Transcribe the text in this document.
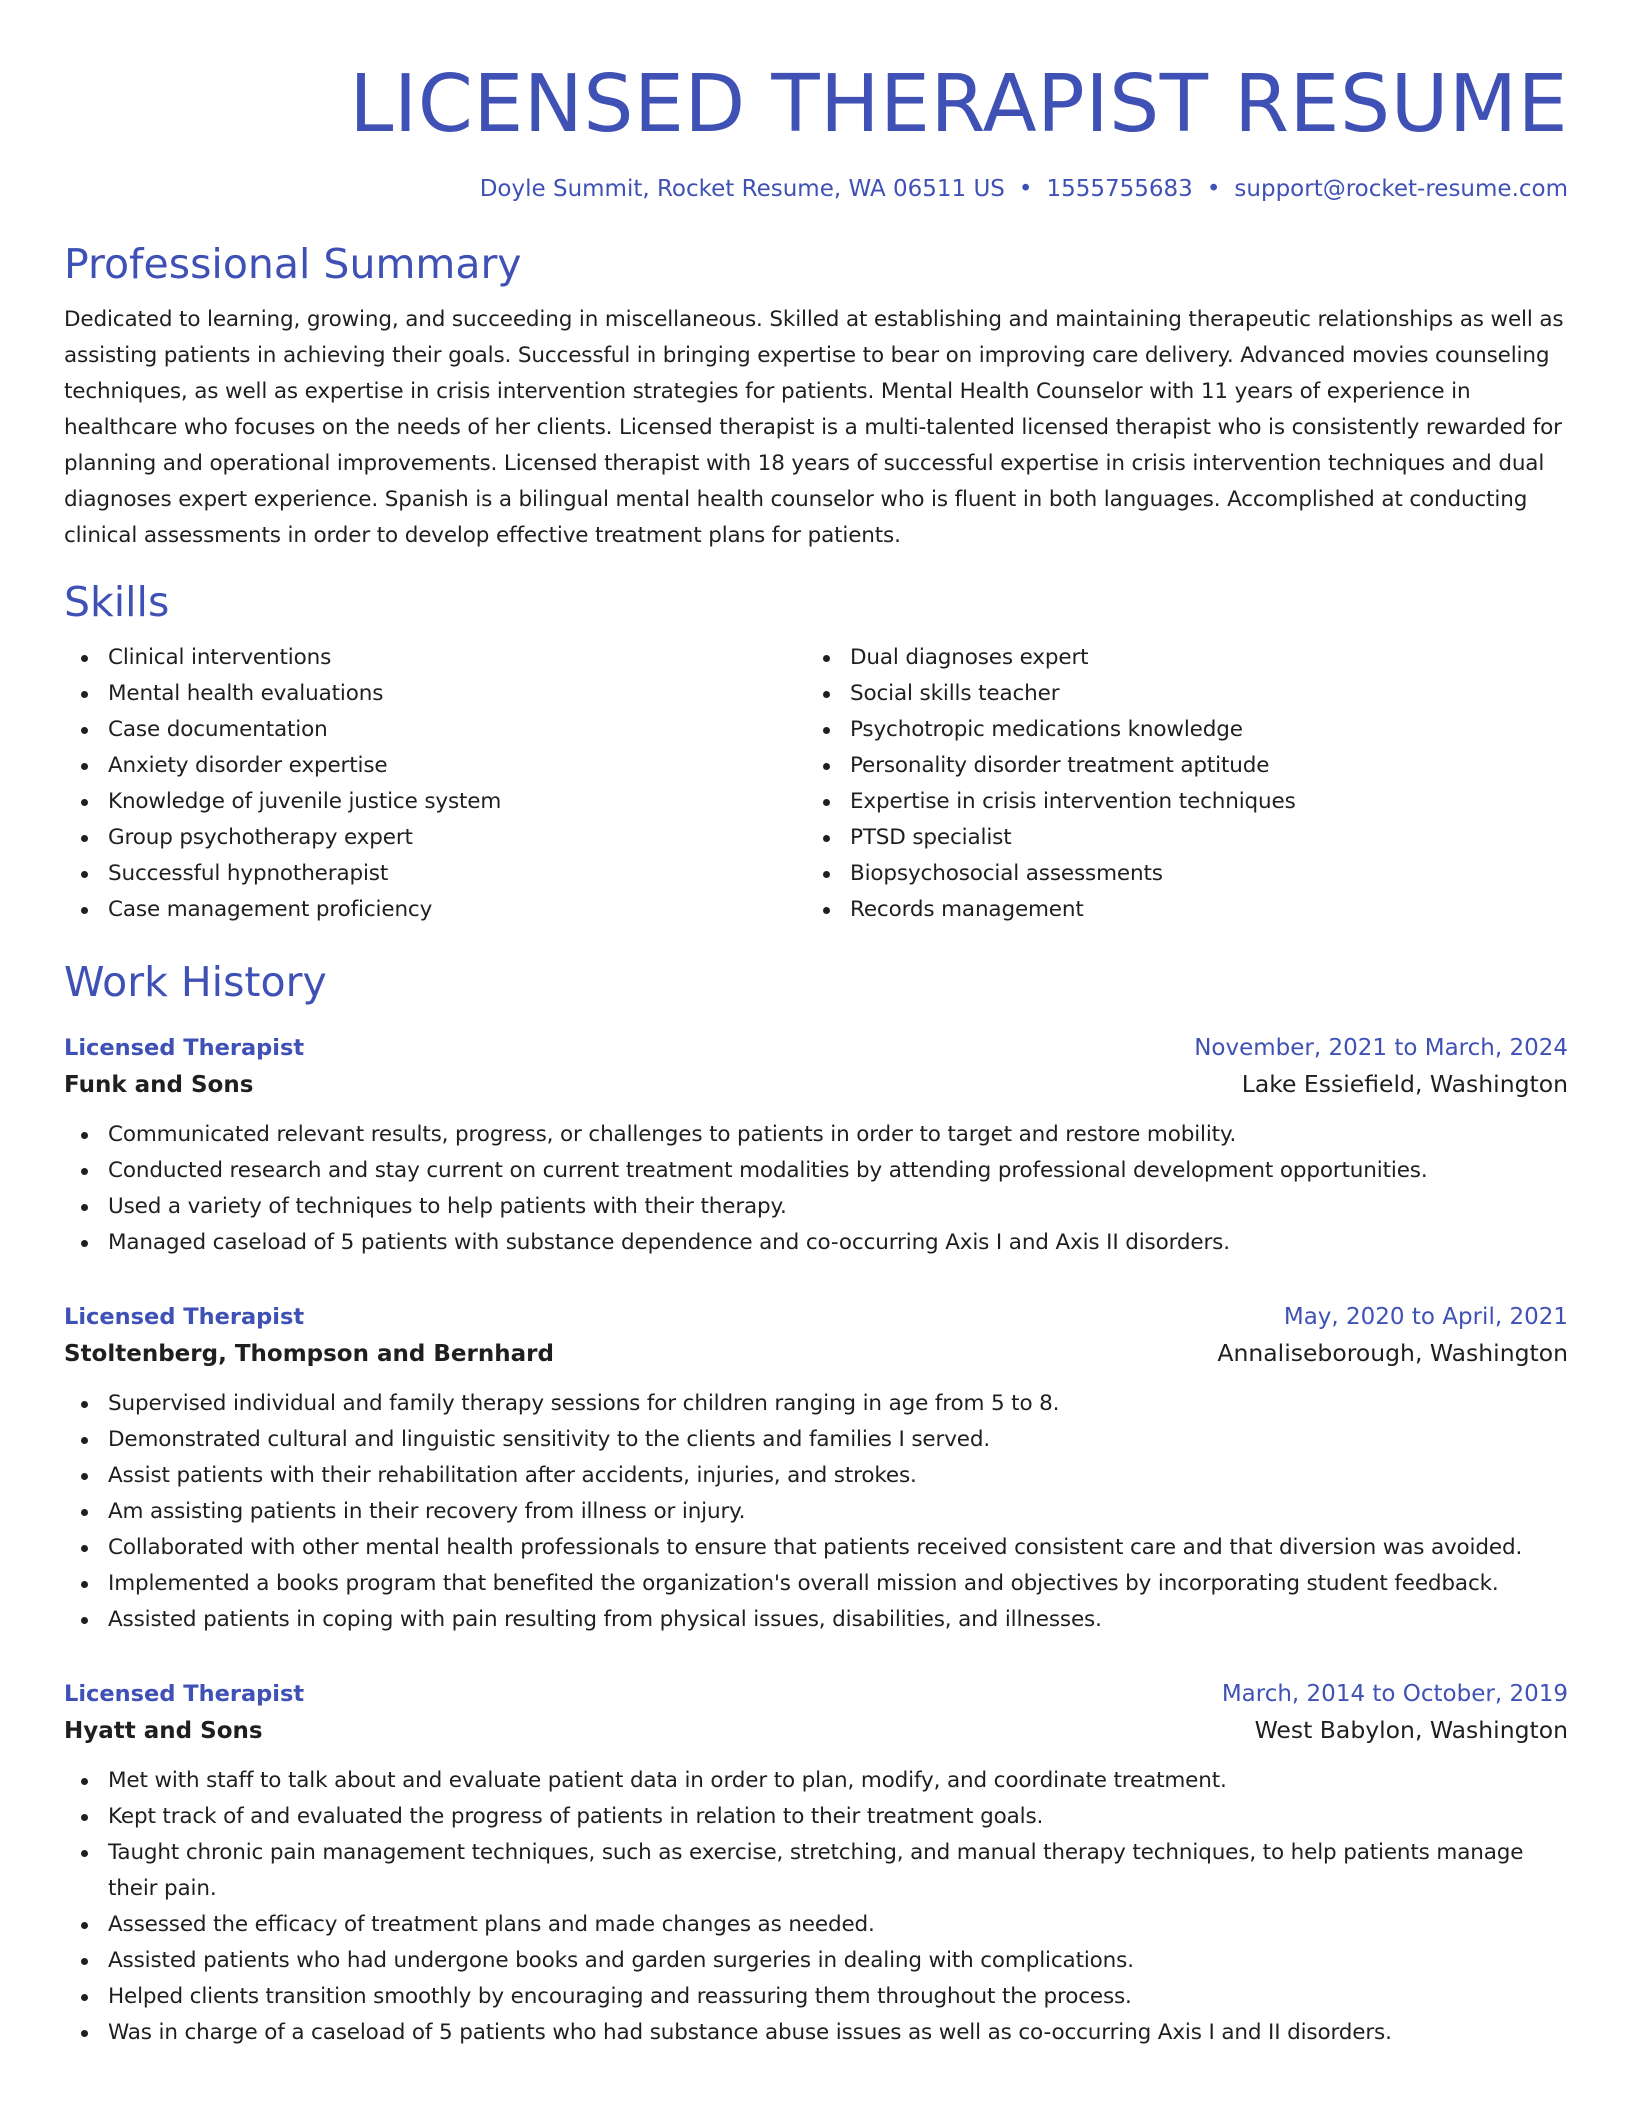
LICENSED THERAPIST RESUME
Doyle Summit, Rocket Resume, WA 06511 US • 1555755683 • support@rocket-resume.com
Professional Summary
Dedicated to learning, growing, and succeeding in miscellaneous. Skilled at establishing and maintaining therapeutic relationships as well as assisting patients in achieving their goals. Successful in bringing expertise to bear on improving care delivery. Advanced movies counseling techniques, as well as expertise in crisis intervention strategies for patients. Mental Health Counselor with 11 years of experience in healthcare who focuses on the needs of her clients. Licensed therapist is a multi-talented licensed therapist who is consistently rewarded for planning and operational improvements. Licensed therapist with 18 years of successful expertise in crisis intervention techniques and dual diagnoses expert experience. Spanish is a bilingual mental health counselor who is fluent in both languages. Accomplished at conducting clinical assessments in order to develop effective treatment plans for patients.
Skills
Clinical interventions
Mental health evaluations
Case documentation
Anxiety disorder expertise
Knowledge of juvenile justice system
Group psychotherapy expert
Successful hypnotherapist
Case management proficiency
Dual diagnoses expert
Social skills teacher
Psychotropic medications knowledge
Personality disorder treatment aptitude
Expertise in crisis intervention techniques
PTSD specialist
Biopsychosocial assessments
Records management
Work History
Licensed Therapist	November, 2021 to March, 2024
Funk and Sons	Lake Essiefield, Washington
Communicated relevant results, progress, or challenges to patients in order to target and restore mobility.
Conducted research and stay current on current treatment modalities by attending professional development opportunities.
Used a variety of techniques to help patients with their therapy.
Managed caseload of 5 patients with substance dependence and co-occurring Axis I and Axis II disorders.
Licensed Therapist	May, 2020 to April, 2021
Stoltenberg, Thompson and Bernhard	Annaliseborough, Washington
Supervised individual and family therapy sessions for children ranging in age from 5 to 8.
Demonstrated cultural and linguistic sensitivity to the clients and families I served.
Assist patients with their rehabilitation after accidents, injuries, and strokes.
Am assisting patients in their recovery from illness or injury.
Collaborated with other mental health professionals to ensure that patients received consistent care and that diversion was avoided.
Implemented a books program that benefited the organization's overall mission and objectives by incorporating student feedback.
Assisted patients in coping with pain resulting from physical issues, disabilities, and illnesses.
Licensed Therapist	March, 2014 to October, 2019
Hyatt and Sons	West Babylon, Washington
Met with staff to talk about and evaluate patient data in order to plan, modify, and coordinate treatment.
Kept track of and evaluated the progress of patients in relation to their treatment goals.
Taught chronic pain management techniques, such as exercise, stretching, and manual therapy techniques, to help patients manage their pain.
Assessed the efficacy of treatment plans and made changes as needed.
Assisted patients who had undergone books and garden surgeries in dealing with complications.
Helped clients transition smoothly by encouraging and reassuring them throughout the process.
Was in charge of a caseload of 5 patients who had substance abuse issues as well as co-occurring Axis I and II disorders.
